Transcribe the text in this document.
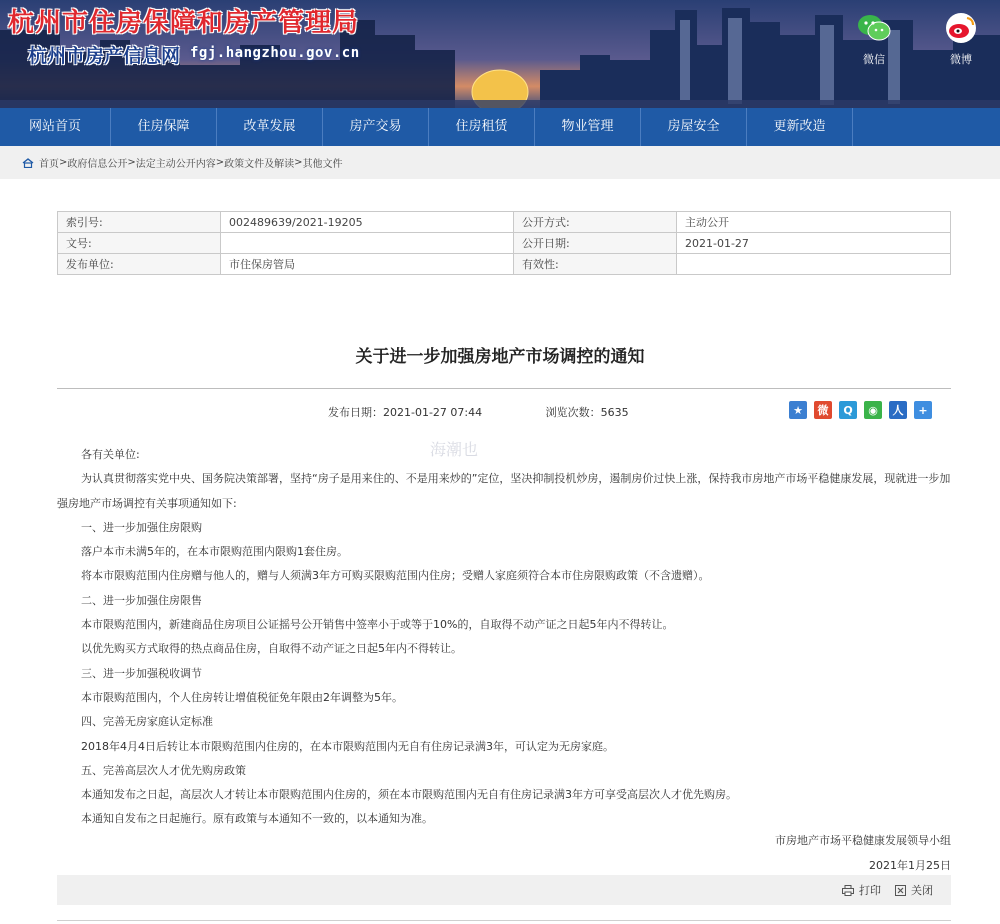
杭州市住房保障和房产管理局
杭州市房产信息网 fgj.hangzhou.gov.cn	微信	微博
网站首页	住房保障	改革发展	房产交易	住房租赁	物业管理	房屋安全	更新改造
首页 > 政府信息公开 > 法定主动公开内容 > 政策文件及解读 > 其他文件
索引号:	002489639/2021-19205	公开方式:	主动公开
文号:		公开日期:	2021-01-27
发布单位:	市住保房管局	有效性:	
关于进一步加强房地产市场调控的通知
发布日期：2021-01-27 07:44	浏览次数：5635	★	微	Q	◉	人	+
海潮也

各有关单位:

为认真贯彻落实党中央、国务院决策部署，坚持“房子是用来住的、不是用来炒的”定位，坚决抑制投机炒房，遏制房价过快上涨，保持我市房地产市场平稳健康发展，现就进一步加强房地产市场调控有关事项通知如下:

一、进一步加强住房限购

落户本市未满5年的，在本市限购范围内限购1套住房。

将本市限购范围内住房赠与他人的，赠与人须满3年方可购买限购范围内住房；受赠人家庭须符合本市住房限购政策（不含遗赠）。

二、进一步加强住房限售

本市限购范围内，新建商品住房项目公证摇号公开销售中签率小于或等于10%的，自取得不动产证之日起5年内不得转让。

以优先购买方式取得的热点商品住房，自取得不动产证之日起5年内不得转让。

三、进一步加强税收调节

本市限购范围内，个人住房转让增值税征免年限由2年调整为5年。

四、完善无房家庭认定标准

2018年4月4日后转让本市限购范围内住房的，在本市限购范围内无自有住房记录满3年，可认定为无房家庭。

五、完善高层次人才优先购房政策

本通知发布之日起，高层次人才转让本市限购范围内住房的，须在本市限购范围内无自有住房记录满3年方可享受高层次人才优先购房。

本通知自发布之日起施行。原有政策与本通知不一致的，以本通知为准。

市房地产市场平稳健康发展领导小组
2021年1月25日
打印	关闭
